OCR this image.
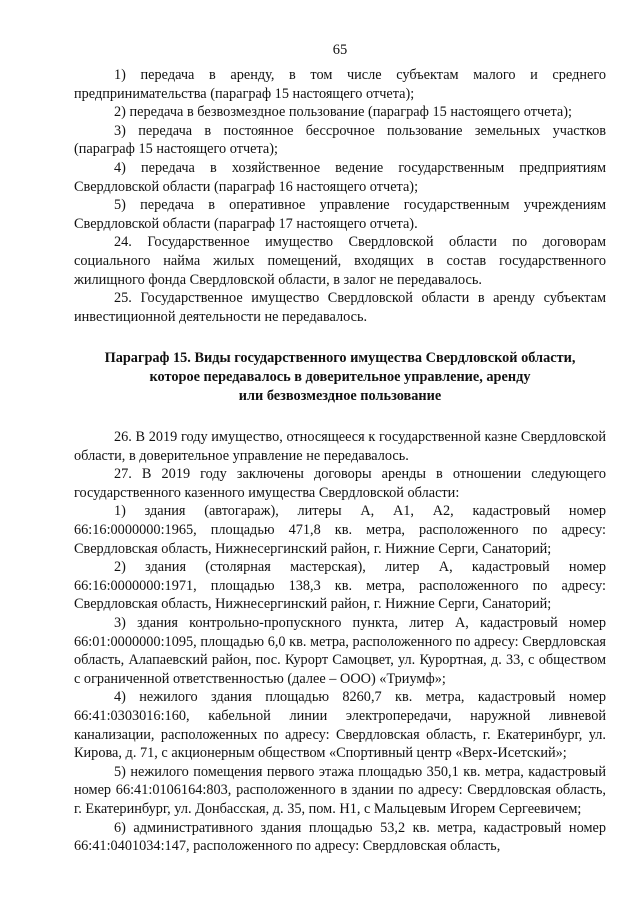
65

1) передача в аренду, в том числе субъектам малого и среднего предпринимательства (параграф 15 настоящего отчета);

2) передача в безвозмездное пользование (параграф 15 настоящего отчета);

3) передача в постоянное бессрочное пользование земельных участков (параграф 15 настоящего отчета);

4) передача в хозяйственное ведение государственным предприятиям Свердловской области (параграф 16 настоящего отчета);

5) передача в оперативное управление государственным учреждениям Свердловской области (параграф 17 настоящего отчета).

24. Государственное имущество Свердловской области по договорам социального найма жилых помещений, входящих в состав государственного жилищного фонда Свердловской области, в залог не передавалось.

25. Государственное имущество Свердловской области в аренду субъектам инвестиционной деятельности не передавалось.

Параграф 15. Виды государственного имущества Свердловской области,
которое передавалось в доверительное управление, аренду
или безвозмездное пользование

26. В 2019 году имущество, относящееся к государственной казне Свердловской области, в доверительное управление не передавалось.

27. В 2019 году заключены договоры аренды в отношении следующего государственного казенного имущества Свердловской области:

1) здания (автогараж), литеры А, А1, А2, кадастровый номер 66:16:0000000:1965, площадью 471,8 кв. метра, расположенного по адресу: Свердловская область, Нижнесергинский район, г. Нижние Серги, Санаторий;

2) здания (столярная мастерская), литер А, кадастровый номер 66:16:0000000:1971, площадью 138,3 кв. метра, расположенного по адресу: Свердловская область, Нижнесергинский район, г. Нижние Серги, Санаторий;

3) здания контрольно-пропускного пункта, литер А, кадастровый номер 66:01:0000000:1095, площадью 6,0 кв. метра, расположенного по адресу: Свердловская область, Алапаевский район, пос. Курорт Самоцвет, ул. Курортная, д. 33, с обществом с ограниченной ответственностью (далее – ООО) «Триумф»;

4) нежилого здания площадью 8260,7 кв. метра, кадастровый номер 66:41:0303016:160, кабельной линии электропередачи, наружной ливневой канализации, расположенных по адресу: Свердловская область, г. Екатеринбург, ул. Кирова, д. 71, с акционерным обществом «Спортивный центр «Верх-Исетский»;

5) нежилого помещения первого этажа площадью 350,1 кв. метра, кадастровый номер 66:41:0106164:803, расположенного в здании по адресу: Свердловская область, г. Екатеринбург, ул. Донбасская, д. 35, пом. Н1, с Мальцевым Игорем Сергеевичем;

6) административного здания площадью 53,2 кв. метра, кадастровый номер 66:41:0401034:147, расположенного по адресу: Свердловская область,
